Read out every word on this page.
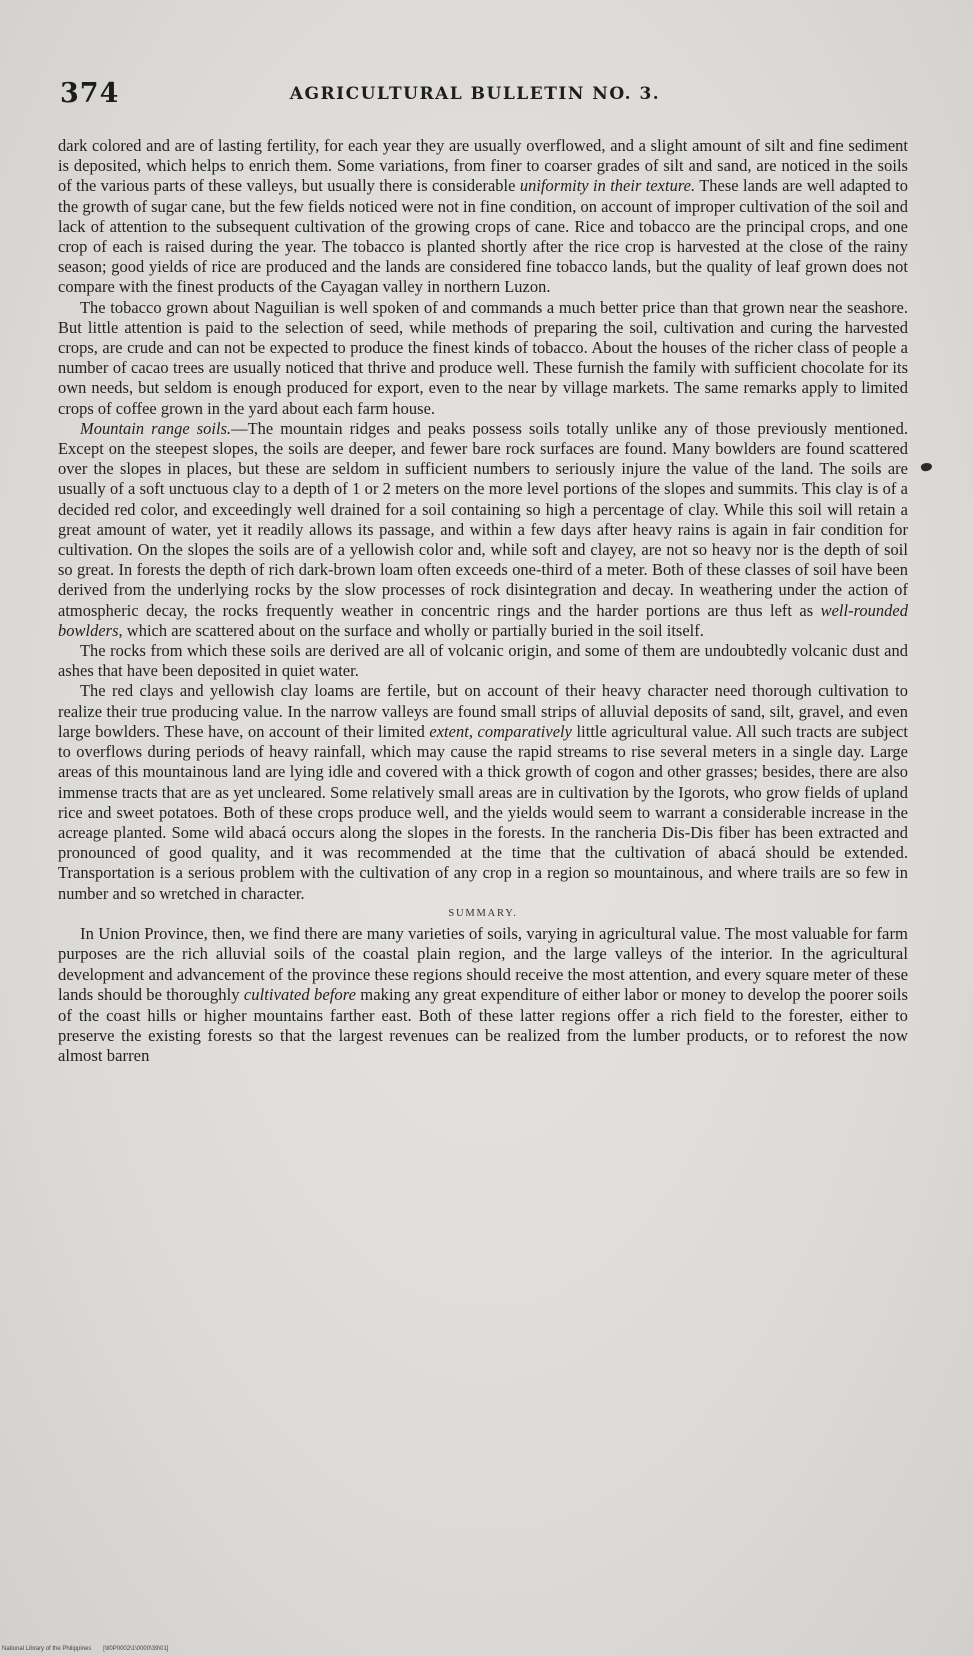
374	AGRICULTURAL BULLETIN NO. 3.

dark colored and are of lasting fertility, for each year they are usually overflowed, and a slight amount of silt and fine sediment is deposited, which helps to enrich them. Some variations, from finer to coarser grades of silt and sand, are noticed in the soils of the various parts of these valleys, but usually there is considerable uniformity in their texture. These lands are well adapted to the growth of sugar cane, but the few fields noticed were not in fine condition, on account of improper cultivation of the soil and lack of attention to the subsequent cultivation of the growing crops of cane. Rice and tobacco are the principal crops, and one crop of each is raised during the year. The tobacco is planted shortly after the rice crop is harvested at the close of the rainy season; good yields of rice are produced and the lands are considered fine tobacco lands, but the quality of leaf grown does not compare with the finest products of the Cayagan valley in northern Luzon.

The tobacco grown about Naguilian is well spoken of and commands a much better price than that grown near the seashore. But little attention is paid to the selection of seed, while methods of preparing the soil, cultivation and curing the harvested crops, are crude and can not be expected to produce the finest kinds of tobacco. About the houses of the richer class of people a number of cacao trees are usually noticed that thrive and produce well. These furnish the family with sufficient chocolate for its own needs, but seldom is enough produced for export, even to the near by village markets. The same remarks apply to limited crops of coffee grown in the yard about each farm house.

Mountain range soils.—The mountain ridges and peaks possess soils totally unlike any of those previously mentioned. Except on the steepest slopes, the soils are deeper, and fewer bare rock surfaces are found. Many bowlders are found scattered over the slopes in places, but these are seldom in sufficient numbers to seriously injure the value of the land. The soils are usually of a soft unctuous clay to a depth of 1 or 2 meters on the more level portions of the slopes and summits. This clay is of a decided red color, and exceedingly well drained for a soil containing so high a percentage of clay. While this soil will retain a great amount of water, yet it readily allows its passage, and within a few days after heavy rains is again in fair condition for cultivation. On the slopes the soils are of a yellowish color and, while soft and clayey, are not so heavy nor is the depth of soil so great. In forests the depth of rich dark-brown loam often exceeds one-third of a meter. Both of these classes of soil have been derived from the underlying rocks by the slow processes of rock disintegration and decay. In weathering under the action of atmospheric decay, the rocks frequently weather in concentric rings and the harder portions are thus left as well-rounded bowlders, which are scattered about on the surface and wholly or partially buried in the soil itself.

The rocks from which these soils are derived are all of volcanic origin, and some of them are undoubtedly volcanic dust and ashes that have been deposited in quiet water.

The red clays and yellowish clay loams are fertile, but on account of their heavy character need thorough cultivation to realize their true producing value. In the narrow valleys are found small strips of alluvial deposits of sand, silt, gravel, and even large bowlders. These have, on account of their limited extent, comparatively little agricultural value. All such tracts are subject to overflows during periods of heavy rainfall, which may cause the rapid streams to rise several meters in a single day. Large areas of this mountainous land are lying idle and covered with a thick growth of cogon and other grasses; besides, there are also immense tracts that are as yet uncleared. Some relatively small areas are in cultivation by the Igorots, who grow fields of upland rice and sweet potatoes. Both of these crops produce well, and the yields would seem to warrant a considerable increase in the acreage planted. Some wild abacá occurs along the slopes in the forests. In the rancheria Dis-Dis fiber has been extracted and pronounced of good quality, and it was recommended at the time that the cultivation of abacá should be extended. Transportation is a serious problem with the cultivation of any crop in a region so mountainous, and where trails are so few in number and so wretched in character.

SUMMARY.

In Union Province, then, we find there are many varieties of soils, varying in agricultural value. The most valuable for farm purposes are the rich alluvial soils of the coastal plain region, and the large valleys of the interior. In the agricultural development and advancement of the province these regions should receive the most attention, and every square meter of these lands should be thoroughly cultivated before making any great expenditure of either labor or money to develop the poorer soils of the coast hills or higher mountains farther east. Both of these latter regions offer a rich field to the forester, either to preserve the existing forests so that the largest revenues can be realized from the lumber products, or to reforest the now almost barren

National Library of the Philippines [\tl0P0002\1\0000\39\01]
